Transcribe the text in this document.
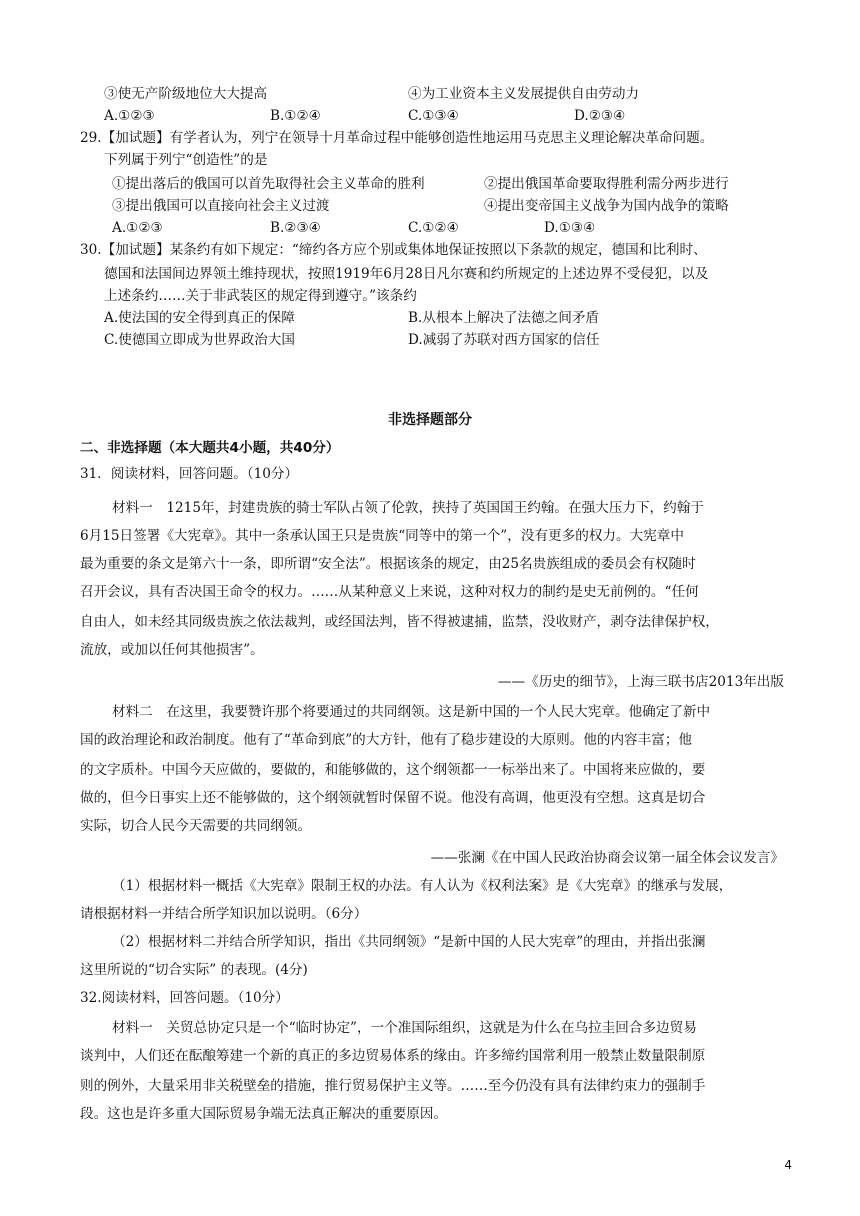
③使无产阶级地位大大提高	④为工业资本主义发展提供自由劳动力
A.①②③	B.①②④	C.①③④	D.②③④
29.【加试题】有学者认为，列宁在领导十月革命过程中能够创造性地运用马克思主义理论解决革命问题。
下列属于列宁“创造性”的是
①提出落后的俄国可以首先取得社会主义革命的胜利	②提出俄国革命要取得胜利需分两步进行
③提出俄国可以直接向社会主义过渡	④提出变帝国主义战争为国内战争的策略
A.①②③	B.②③④	C.①②④	D.①③④
30.【加试题】某条约有如下规定：“缔约各方应个别或集体地保证按照以下条款的规定，德国和比利时、
德国和法国间边界领土维持现状，按照1919年6月28日凡尔赛和约所规定的上述边界不受侵犯，以及
上述条约……关于非武装区的规定得到遵守。”该条约
A.使法国的安全得到真正的保障	B.从根本上解决了法德之间矛盾
C.使德国立即成为世界政治大国	D.减弱了苏联对西方国家的信任
非选择题部分
二、非选择题（本大题共4小题，共40分）
31．阅读材料，回答问题。（10分）
材料一　1215年，封建贵族的骑士军队占领了伦敦，挟持了英国国王约翰。在强大压力下，约翰于
6月15日签署《大宪章》。其中一条承认国王只是贵族“同等中的第一个”，没有更多的权力。大宪章中
最为重要的条文是第六十一条，即所谓“安全法”。根据该条的规定，由25名贵族组成的委员会有权随时
召开会议，具有否决国王命令的权力。……从某种意义上来说，这种对权力的制约是史无前例的。“任何
自由人，如未经其同级贵族之依法裁判，或经国法判，皆不得被逮捕，监禁，没收财产，剥夺法律保护权，
流放，或加以任何其他损害”。
——《历史的细节》，上海三联书店2013年出版
材料二　在这里，我要赞许那个将要通过的共同纲领。这是新中国的一个人民大宪章。他确定了新中
国的政治理论和政治制度。他有了“革命到底”的大方针，他有了稳步建设的大原则。他的内容丰富；他
的文字质朴。中国今天应做的，要做的，和能够做的，这个纲领都一一标举出来了。中国将来应做的，要
做的，但今日事实上还不能够做的，这个纲领就暂时保留不说。他没有高调，他更没有空想。这真是切合
实际，切合人民今天需要的共同纲领。
——张澜《在中国人民政治协商会议第一届全体会议发言》
（1）根据材料一概括《大宪章》限制王权的办法。有人认为《权利法案》是《大宪章》的继承与发展，
请根据材料一并结合所学知识加以说明。（6分）
（2）根据材料二并结合所学知识，指出《共同纲领》“是新中国的人民大宪章”的理由，并指出张澜
这里所说的“切合实际” 的表现。(4分)
32.阅读材料，回答问题。（10分）
材料一　关贸总协定只是一个“临时协定”，一个准国际组织，这就是为什么在乌拉圭回合多边贸易
谈判中，人们还在酝酿筹建一个新的真正的多边贸易体系的缘由。许多缔约国常利用一般禁止数量限制原
则的例外，大量采用非关税壁垒的措施，推行贸易保护主义等。……至今仍没有具有法律约束力的强制手
段。这也是许多重大国际贸易争端无法真正解决的重要原因。
4
